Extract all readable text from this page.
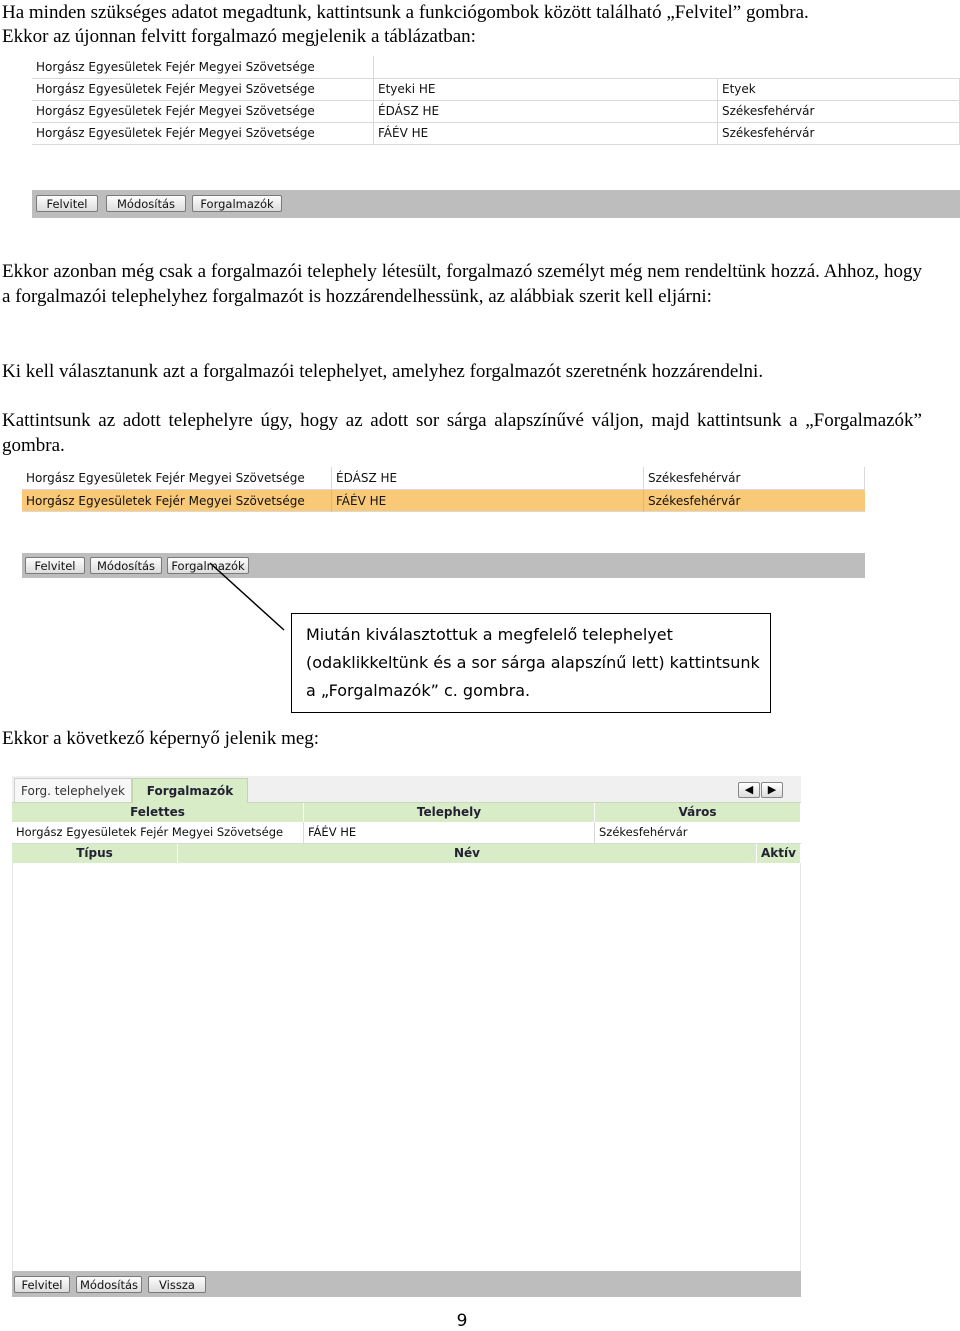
Ha minden szükséges adatot megadtunk, kattintsunk a funkciógombok között található „Felvitel” gombra.
Ekkor az újonnan felvitt forgalmazó megjelenik a táblázatban:
Horgász Egyesületek Fejér Megyei Szövetsége
Horgász Egyesületek Fejér Megyei Szövetsége	Etyeki HE	Etyek
Horgász Egyesületek Fejér Megyei Szövetsége	ÉDÁSZ HE	Székesfehérvár
Horgász Egyesületek Fejér Megyei Szövetsége	FÁÉV HE	Székesfehérvár
Felvitel	Módosítás	Forgalmazók
Ekkor azonban még csak a forgalmazói telephely létesült, forgalmazó személyt még nem rendeltünk hozzá. Ahhoz, hogy a forgalmazói telephelyhez forgalmazót is hozzárendelhessünk, az alábbiak szerit kell eljárni:
Ki kell választanunk azt a forgalmazói telephelyet, amelyhez forgalmazót szeretnénk hozzárendelni.
Kattintsunk az adott telephelyre úgy, hogy az adott sor sárga alapszínűvé váljon, majd kattintsunk a „Forgalmazók” gombra.
Horgász Egyesületek Fejér Megyei Szövetsége	ÉDÁSZ HE	Székesfehérvár
Horgász Egyesületek Fejér Megyei Szövetsége	FÁÉV HE	Székesfehérvár
Felvitel	Módosítás	Forgalmazók
Miután kiválasztottuk a megfelelő telephelyet
(odaklikkeltünk és a sor sárga alapszínű lett) kattintsunk
a „Forgalmazók” c. gombra.
Ekkor a következő képernyő jelenik meg:
Forg. telephelyek	Forgalmazók	◀	▶
Felettes	Telephely	Város
Horgász Egyesületek Fejér Megyei Szövetsége	FÁÉV HE	Székesfehérvár
Típus	Név	Aktív
Felvitel	Módosítás	Vissza
9
